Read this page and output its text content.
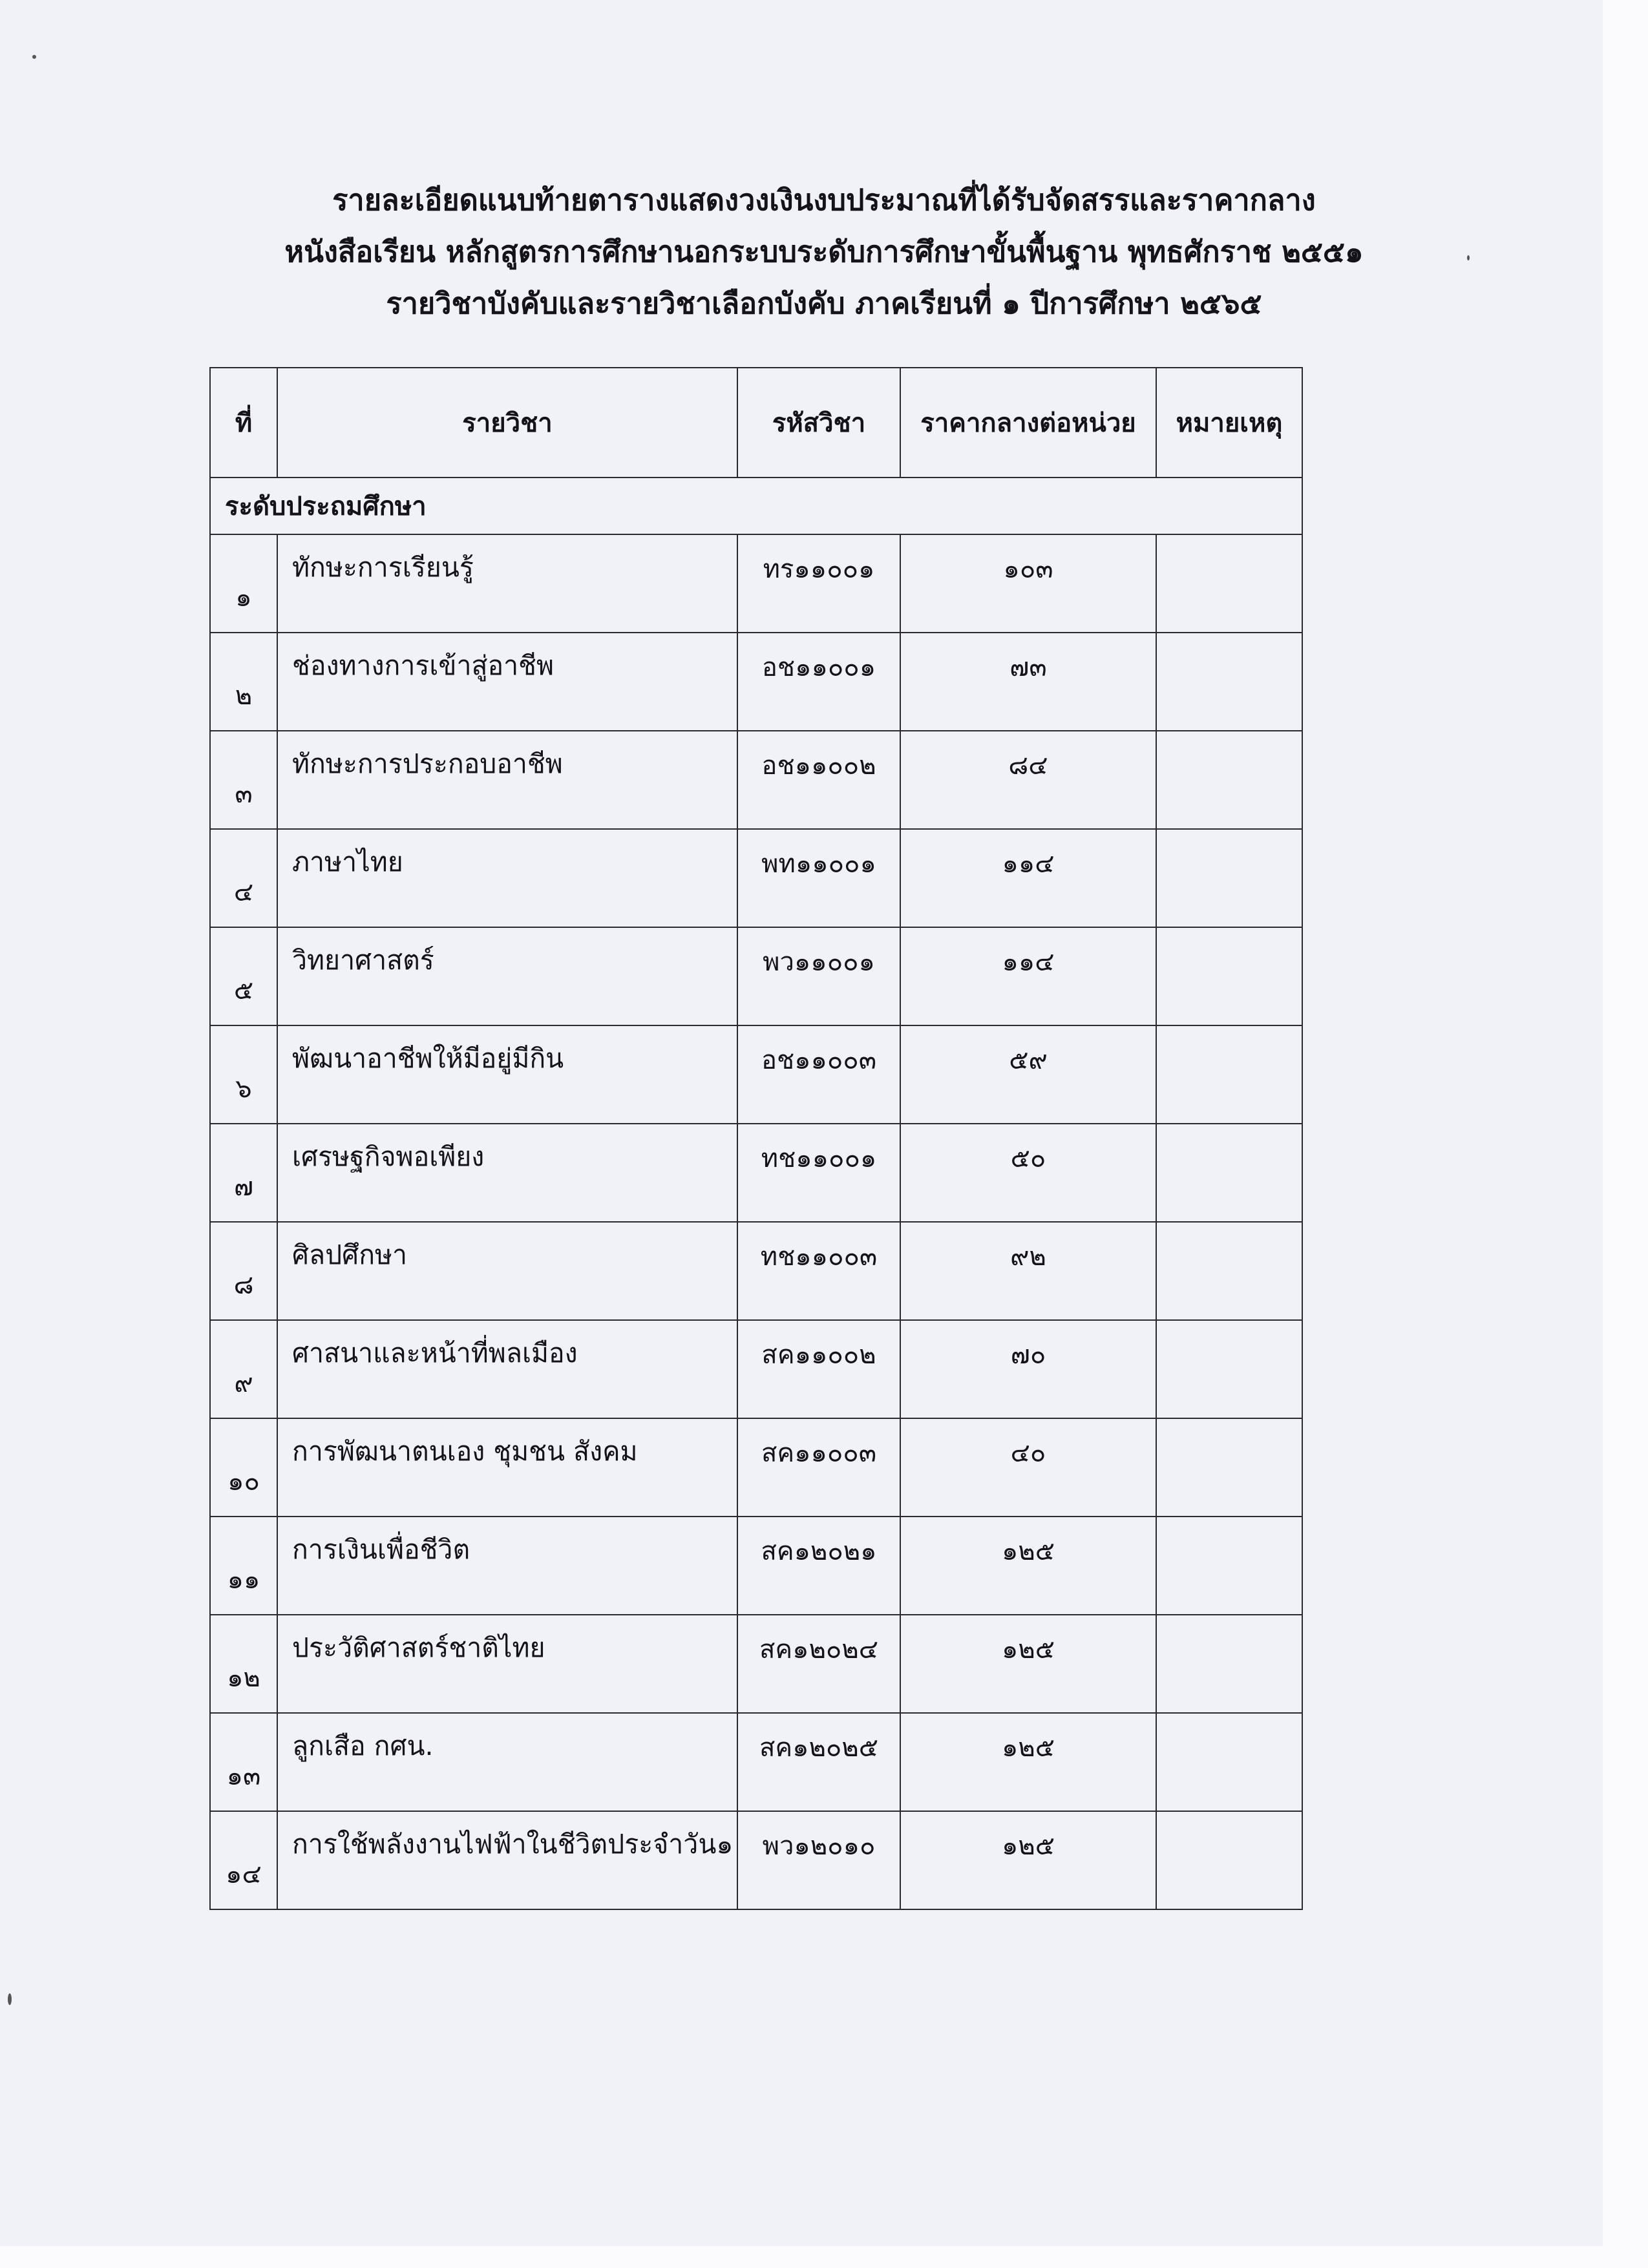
รายละเอียดแนบท้ายตารางแสดงวงเงินงบประมาณที่ได้รับจัดสรรและราคากลาง
หนังสือเรียน หลักสูตรการศึกษานอกระบบระดับการศึกษาขั้นพื้นฐาน พุทธศักราช ๒๕๕๑
รายวิชาบังคับและรายวิชาเลือกบังคับ ภาคเรียนที่ ๑ ปีการศึกษา ๒๕๖๕
ที่	รายวิชา	รหัสวิชา	ราคากลางต่อหน่วย	หมายเหตุ
ระดับประถมศึกษา				
๑	ทักษะการเรียนรู้	ทร๑๑๐๐๑	๑๐๓	
๒	ช่องทางการเข้าสู่อาชีพ	อช๑๑๐๐๑	๗๓	
๓	ทักษะการประกอบอาชีพ	อช๑๑๐๐๒	๘๔	
๔	ภาษาไทย	พท๑๑๐๐๑	๑๑๔	
๕	วิทยาศาสตร์	พว๑๑๐๐๑	๑๑๔	
๖	พัฒนาอาชีพให้มีอยู่มีกิน	อช๑๑๐๐๓	๕๙	
๗	เศรษฐกิจพอเพียง	ทช๑๑๐๐๑	๕๐	
๘	ศิลปศึกษา	ทช๑๑๐๐๓	๙๒	
๙	ศาสนาและหน้าที่พลเมือง	สค๑๑๐๐๒	๗๐	
๑๐	การพัฒนาตนเอง ชุมชน สังคม	สค๑๑๐๐๓	๔๐	
๑๑	การเงินเพื่อชีวิต	สค๑๒๐๒๑	๑๒๕	
๑๒	ประวัติศาสตร์ชาติไทย	สค๑๒๐๒๔	๑๒๕	
๑๓	ลูกเสือ กศน.	สค๑๒๐๒๕	๑๒๕	
๑๔	การใช้พลังงานไฟฟ้าในชีวิตประจำวัน๑	พว๑๒๐๑๐	๑๒๕	
